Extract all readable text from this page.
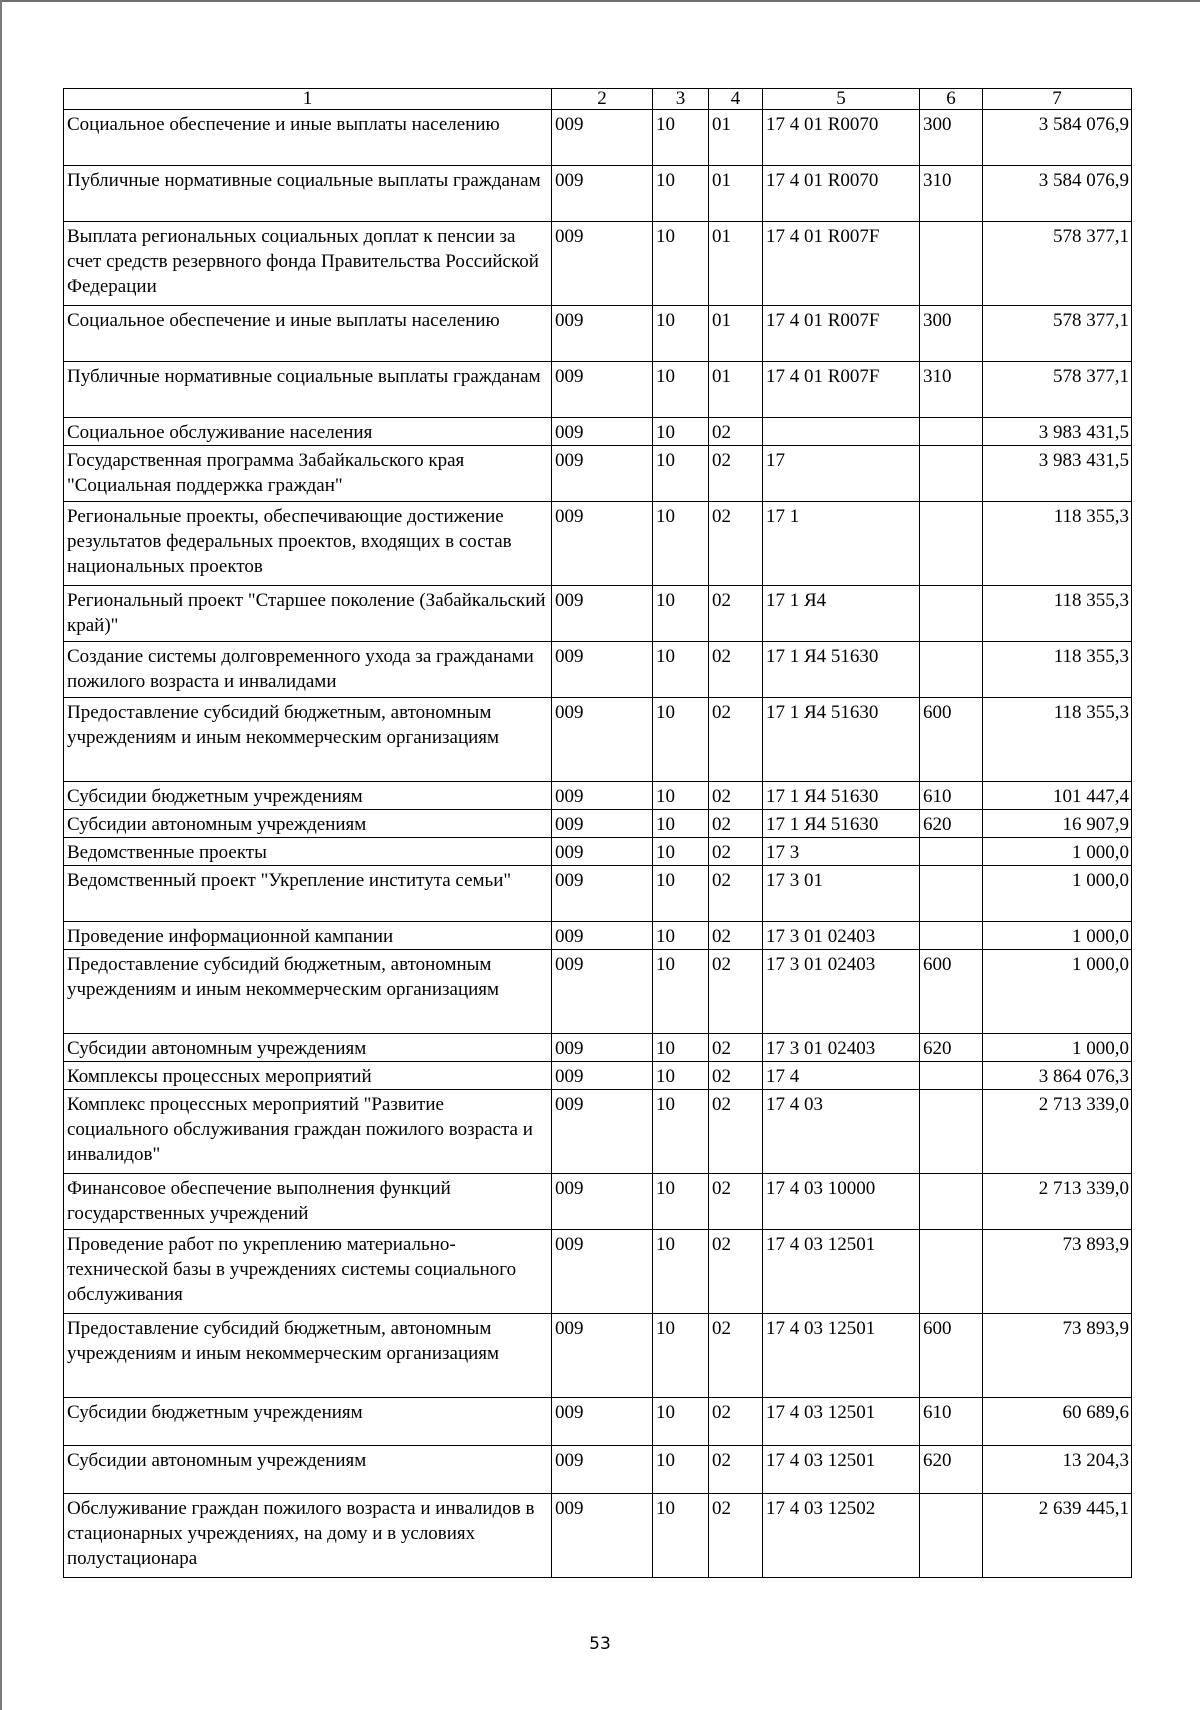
1	2	3	4	5	6	7
Социальное обеспечение и иные выплаты населению	009	10	01	17 4 01 R0070	300	3 584 076,9
Публичные нормативные социальные выплаты гражданам	009	10	01	17 4 01 R0070	310	3 584 076,9
Выплата региональных социальных доплат к пенсии за счет средств резервного фонда Правительства Российской Федерации	009	10	01	17 4 01 R007F		578 377,1
Социальное обеспечение и иные выплаты населению	009	10	01	17 4 01 R007F	300	578 377,1
Публичные нормативные социальные выплаты гражданам	009	10	01	17 4 01 R007F	310	578 377,1
Социальное обслуживание населения	009	10	02			3 983 431,5
Государственная программа Забайкальского края "Социальная поддержка граждан"	009	10	02	17		3 983 431,5
Региональные проекты, обеспечивающие достижение результатов федеральных проектов, входящих в состав национальных проектов	009	10	02	17 1		118 355,3
Региональный проект "Старшее поколение (Забайкальский край)"	009	10	02	17 1 Я4		118 355,3
Создание системы долговременного ухода за гражданами пожилого возраста и инвалидами	009	10	02	17 1 Я4 51630		118 355,3
Предоставление субсидий бюджетным, автономным учреждениям и иным некоммерческим организациям	009	10	02	17 1 Я4 51630	600	118 355,3
Субсидии бюджетным учреждениям	009	10	02	17 1 Я4 51630	610	101 447,4
Субсидии автономным учреждениям	009	10	02	17 1 Я4 51630	620	16 907,9
Ведомственные проекты	009	10	02	17 3		1 000,0
Ведомственный проект "Укрепление института семьи"	009	10	02	17 3 01		1 000,0
Проведение информационной кампании	009	10	02	17 3 01 02403		1 000,0
Предоставление субсидий бюджетным, автономным учреждениям и иным некоммерческим организациям	009	10	02	17 3 01 02403	600	1 000,0
Субсидии автономным учреждениям	009	10	02	17 3 01 02403	620	1 000,0
Комплексы процессных мероприятий	009	10	02	17 4		3 864 076,3
Комплекс процессных мероприятий "Развитие социального обслуживания граждан пожилого возраста и инвалидов"	009	10	02	17 4 03		2 713 339,0
Финансовое обеспечение выполнения функций государственных учреждений	009	10	02	17 4 03 10000		2 713 339,0
Проведение работ по укреплению материально-технической базы в учреждениях системы социального обслуживания	009	10	02	17 4 03 12501		73 893,9
Предоставление субсидий бюджетным, автономным учреждениям и иным некоммерческим организациям	009	10	02	17 4 03 12501	600	73 893,9
Субсидии бюджетным учреждениям	009	10	02	17 4 03 12501	610	60 689,6
Субсидии автономным учреждениям	009	10	02	17 4 03 12501	620	13 204,3
Обслуживание граждан пожилого возраста и инвалидов в стационарных учреждениях, на дому и в условиях полустационара	009	10	02	17 4 03 12502		2 639 445,1
53
